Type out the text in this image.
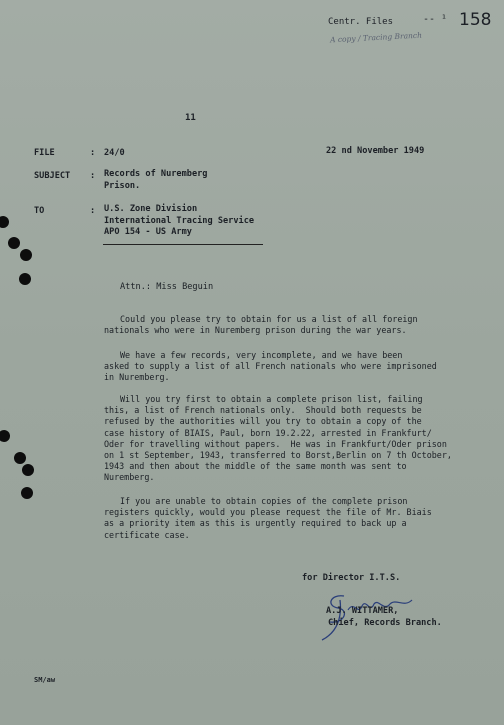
Centr. Files	-- ¹ 158
A copy / Tracing Branch
11
FILE	: 24/0	22 nd November 1949
SUBJECT : Records of Nuremberg
Prison.
TO	: U.S. Zone Division
International Tracing Service
APO 154 - US Army
Attn.: Miss Beguin
Could you please try to obtain for us a list of all foreign
nationals who were in Nuremberg prison during the war years.
We have a few records, very incomplete, and we have been
asked to supply a list of all French nationals who were imprisoned
in Nuremberg.
Will you try first to obtain a complete prison list, failing
this, a list of French nationals only.  Should both requests be
refused by the authorities will you try to obtain a copy of the
case history of BIAIS, Paul, born 19.2.22, arrested in Frankfurt/
Oder for travelling without papers.  He was in Frankfurt/Oder prison
on 1 st September, 1943, transferred to Borst,Berlin on 7 th October,
1943 and then about the middle of the same month was sent to
Nuremberg.
If you are unable to obtain copies of the complete prison
registers quickly, would you please request the file of Mr. Biais
as a priority item as this is urgently required to back up a
certificate case.
for Director I.T.S.
A.J. WITTAMER,
Chief, Records Branch.
SM/aw
